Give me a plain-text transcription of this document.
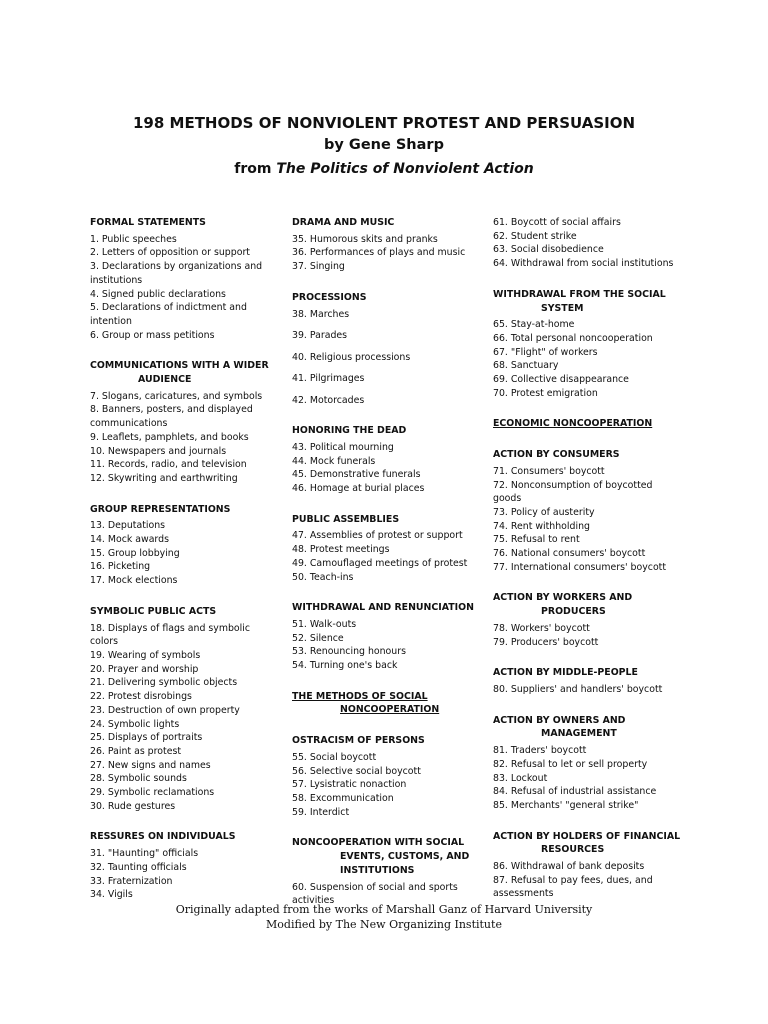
198 METHODS OF NONVIOLENT PROTEST AND PERSUASION
by Gene Sharp
from The Politics of Nonviolent Action
FORMAL STATEMENTS
1. Public speeches
2. Letters of opposition or support
3. Declarations by organizations and institutions
4. Signed public declarations
5. Declarations of indictment and intention
6. Group or mass petitions
COMMUNICATIONS WITH A WIDER
AUDIENCE
7. Slogans, caricatures, and symbols
8. Banners, posters, and displayed communications
9. Leaflets, pamphlets, and books
10. Newspapers and journals
11. Records, radio, and television
12. Skywriting and earthwriting
GROUP REPRESENTATIONS
13. Deputations
14. Mock awards
15. Group lobbying
16. Picketing
17. Mock elections
SYMBOLIC PUBLIC ACTS
18. Displays of flags and symbolic colors
19. Wearing of symbols
20. Prayer and worship
21. Delivering symbolic objects
22. Protest disrobings
23. Destruction of own property
24. Symbolic lights
25. Displays of portraits
26. Paint as protest
27. New signs and names
28. Symbolic sounds
29. Symbolic reclamations
30. Rude gestures
RESSURES ON INDIVIDUALS
31. "Haunting" officials
32. Taunting officials
33. Fraternization
34. Vigils
DRAMA AND MUSIC
35. Humorous skits and pranks
36. Performances of plays and music
37. Singing
PROCESSIONS
38. Marches
39. Parades
40. Religious processions
41. Pilgrimages
42. Motorcades
HONORING THE DEAD
43. Political mourning
44. Mock funerals
45. Demonstrative funerals
46. Homage at burial places
PUBLIC ASSEMBLIES
47. Assemblies of protest or support
48. Protest meetings
49. Camouflaged meetings of protest
50. Teach-ins
WITHDRAWAL AND RENUNCIATION
51. Walk-outs
52. Silence
53. Renouncing honours
54. Turning one's back
THE METHODS OF SOCIAL
NONCOOPERATION
OSTRACISM OF PERSONS
55. Social boycott
56. Selective social boycott
57. Lysistratic nonaction
58. Excommunication
59. Interdict
NONCOOPERATION WITH SOCIAL
EVENTS, CUSTOMS, AND
INSTITUTIONS
60. Suspension of social and sports activities
61. Boycott of social affairs
62. Student strike
63. Social disobedience
64. Withdrawal from social institutions
WITHDRAWAL FROM THE SOCIAL
SYSTEM
65. Stay-at-home
66. Total personal noncooperation
67. "Flight" of workers
68. Sanctuary
69. Collective disappearance
70. Protest emigration
ECONOMIC NONCOOPERATION
ACTION BY CONSUMERS
71. Consumers' boycott
72. Nonconsumption of boycotted goods
73. Policy of austerity
74. Rent withholding
75. Refusal to rent
76. National consumers' boycott
77. International consumers' boycott
ACTION BY WORKERS AND
PRODUCERS
78. Workers' boycott
79. Producers' boycott
ACTION BY MIDDLE-PEOPLE
80. Suppliers' and handlers' boycott
ACTION BY OWNERS AND
MANAGEMENT
81. Traders' boycott
82. Refusal to let or sell property
83. Lockout
84. Refusal of industrial assistance
85. Merchants' "general strike"
ACTION BY HOLDERS OF FINANCIAL
RESOURCES
86. Withdrawal of bank deposits
87. Refusal to pay fees, dues, and assessments
Originally adapted from the works of Marshall Ganz of Harvard University
Modified by The New Organizing Institute
